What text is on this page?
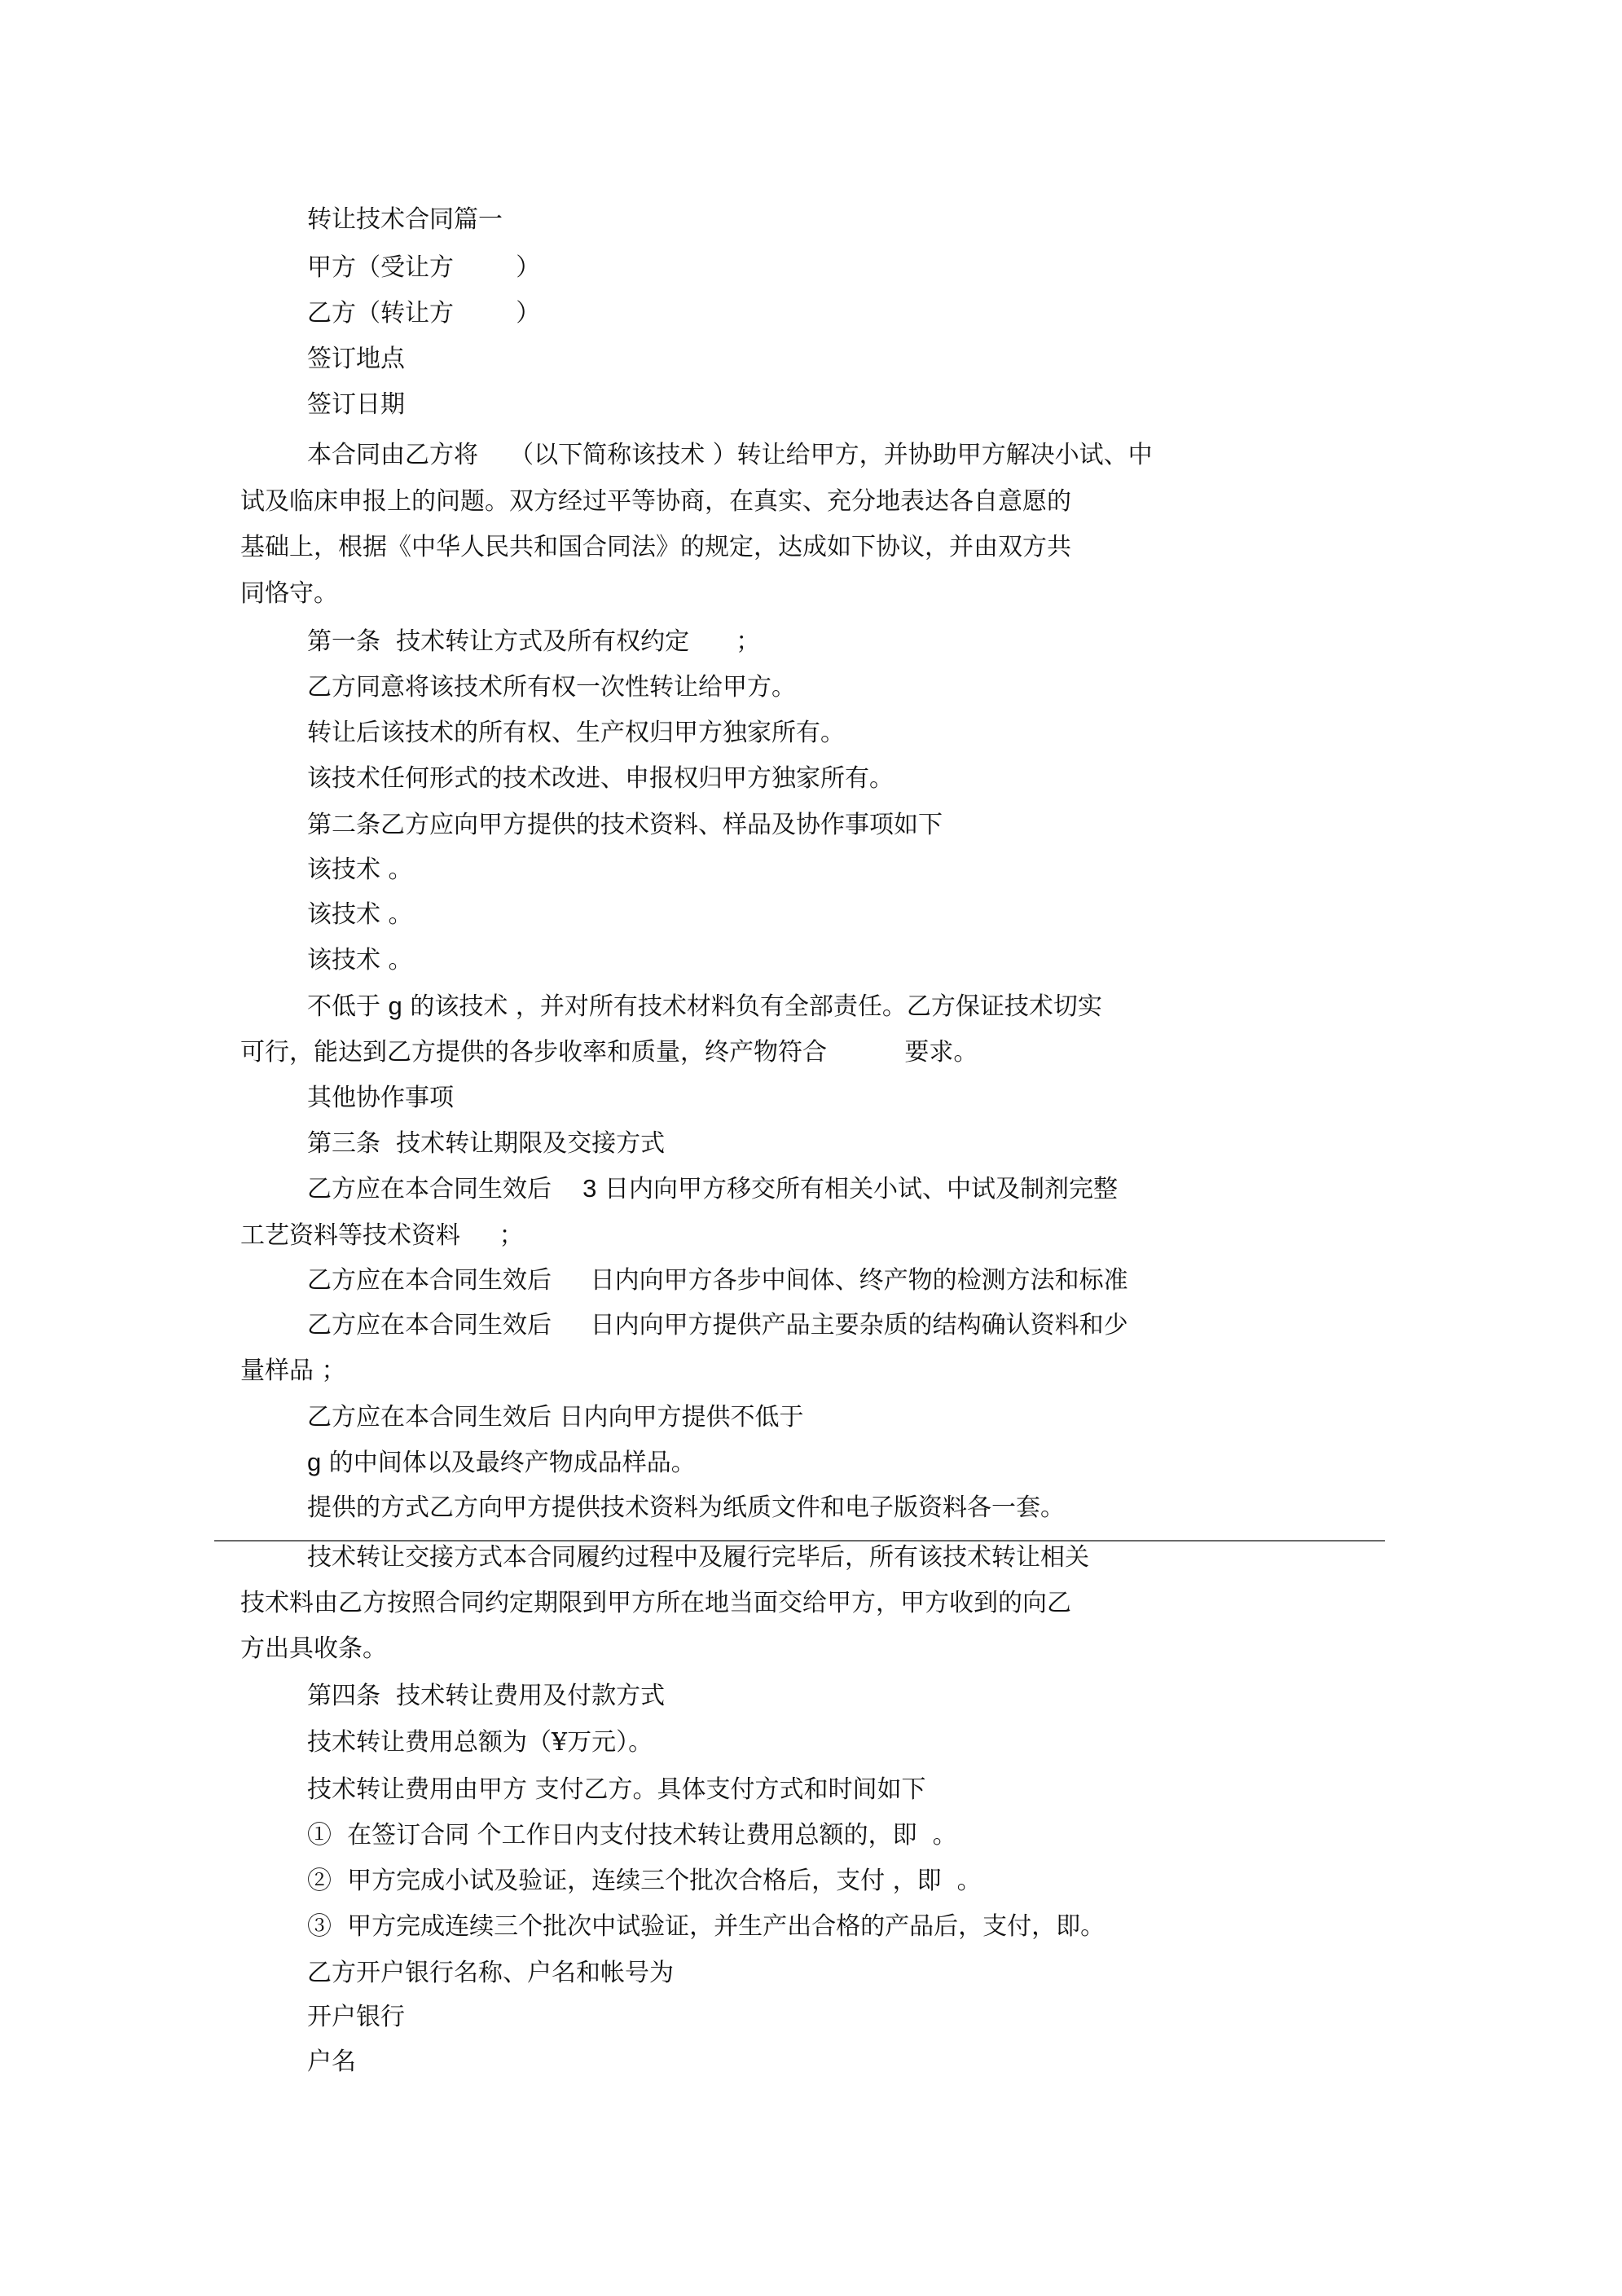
转让技术合同篇一
甲方（受让方        ）
乙方（转让方        ）
签订地点
签订日期
本合同由乙方将    （以下简称该技术 ）转让给甲方，并协助甲方解决小试、中
试及临床申报上的问题。双方经过平等协商，在真实、充分地表达各自意愿的
基础上，根据《中华人民共和国合同法》的规定，达成如下协议，并由双方共
同恪守。
第一条  技术转让方式及所有权约定      ；
乙方同意将该技术所有权一次性转让给甲方。
转让后该技术的所有权、生产权归甲方独家所有。
该技术任何形式的技术改进、申报权归甲方独家所有。
第二条乙方应向甲方提供的技术资料、样品及协作事项如下
该技术 。
该技术 。
该技术 。
不低于 g 的该技术 ，并对所有技术材料负有全部责任。乙方保证技术切实
可行，能达到乙方提供的各步收率和质量，终产物符合          要求。
其他协作事项
第三条  技术转让期限及交接方式
乙方应在本合同生效后    3 日内向甲方移交所有相关小试、中试及制剂完整
工艺资料等技术资料     ；
乙方应在本合同生效后     日内向甲方各步中间体、终产物的检测方法和标准
乙方应在本合同生效后     日内向甲方提供产品主要杂质的结构确认资料和少
量样品 ；
乙方应在本合同生效后 日内向甲方提供不低于
g 的中间体以及最终产物成品样品。
提供的方式乙方向甲方提供技术资料为纸质文件和电子版资料各一套。
技术转让交接方式本合同履约过程中及履行完毕后，所有该技术转让相关
技术料由乙方按照合同约定期限到甲方所在地当面交给甲方，甲方收到的向乙
方出具收条。
第四条  技术转让费用及付款方式
技术转让费用总额为（¥万元）。
技术转让费用由甲方 支付乙方。具体支付方式和时间如下
①  在签订合同 个工作日内支付技术转让费用总额的，即  。
②  甲方完成小试及验证，连续三个批次合格后，支付 ，即  。
③  甲方完成连续三个批次中试验证，并生产出合格的产品后，支付，即。
乙方开户银行名称、户名和帐号为
开户银行
户名
